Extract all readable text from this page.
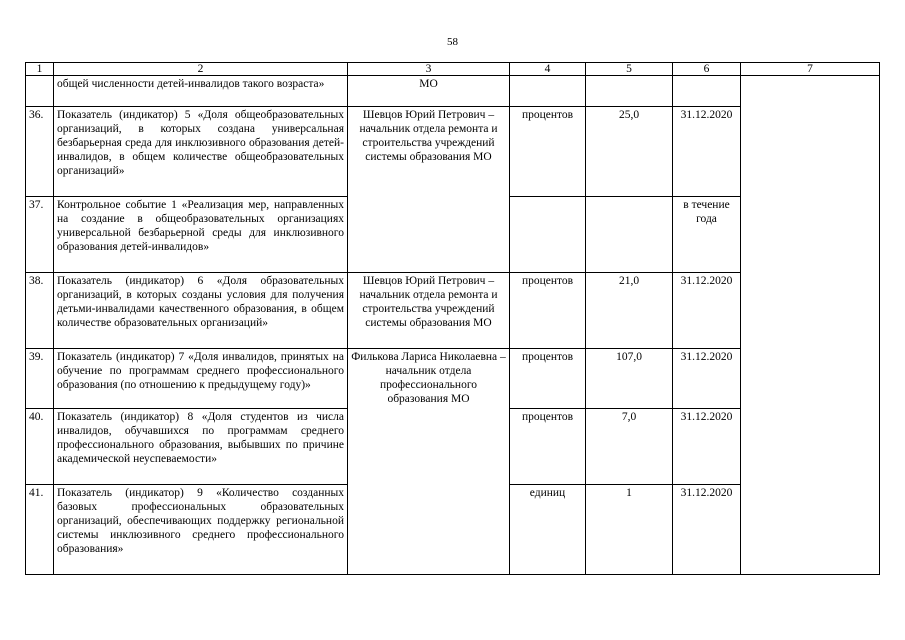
58
1	2	3	4	5	6	7
	общей численности детей-инвалидов такого возраста»	МО				
36.	Показатель (индикатор) 5 «Доля общеобразовательных организаций, в которых создана универсальная безбарьерная среда для инклюзивного образования детей-инвалидов, в общем количестве общеобразовательных организаций»	Шевцов Юрий Петрович – начальник отдела ремонта и строительства учреждений системы образования МО	процентов	25,0	31.12.2020	
37.	Контрольное событие 1 «Реализация мер, направленных на создание в общеобразовательных организациях универсальной безбарьерной среды для инклюзивного образования детей-инвалидов»				в течение года	
38.	Показатель (индикатор) 6 «Доля образовательных организаций, в которых созданы условия для получения детьми-инвалидами качественного образования, в общем количестве образовательных организаций»	Шевцов Юрий Петрович – начальник отдела ремонта и строительства учреждений системы образования МО	процентов	21,0	31.12.2020	
39.	Показатель (индикатор) 7 «Доля инвалидов, принятых на обучение по программам среднего профессионального образования (по отношению к предыдущему году)»	Филькова Лариса Николаевна – начальник отдела профессионального образования МО	процентов	107,0	31.12.2020	
40.	Показатель (индикатор) 8 «Доля студентов из числа инвалидов, обучавшихся по программам среднего профессионального образования, выбывших по причине академической неуспеваемости»		процентов	7,0	31.12.2020	
41.	Показатель (индикатор) 9 «Количество созданных базовых профессиональных образовательных организаций, обеспечивающих поддержку региональной системы инклюзивного среднего профессионального образования»		единиц	1	31.12.2020	
